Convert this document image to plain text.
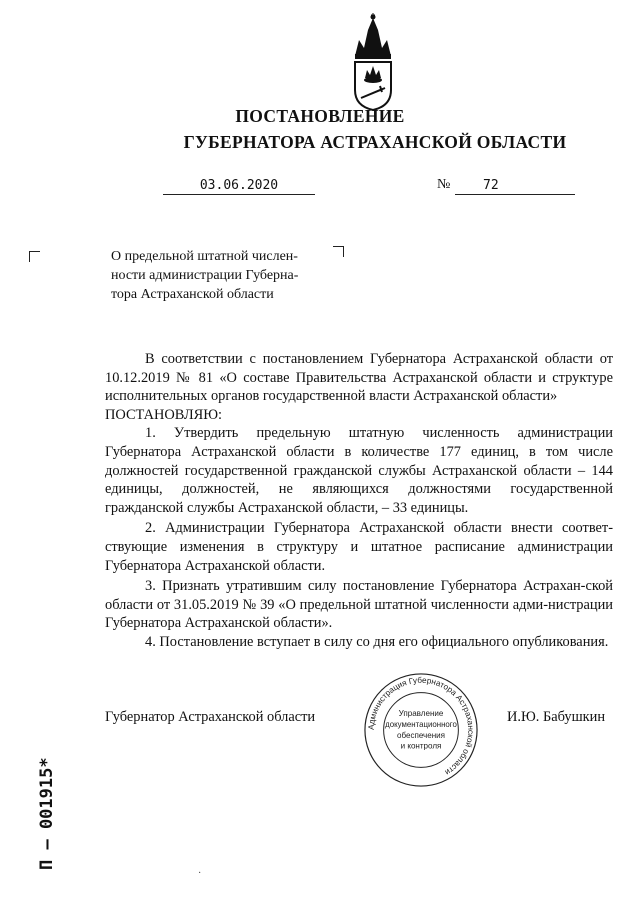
ПОСТАНОВЛЕНИЕ
ГУБЕРНАТОРА АСТРАХАНСКОЙ ОБЛАСТИ
03.06.2020	№	72

О предельной штатной числен-

ности администрации Губерна-

тора Астраханской области

В соответствии с постановлением Губернатора Астраханской области от 10.12.2019 № 81 «О составе Правительства Астраханской области и структуре исполнительных органов государственной власти Астраханской области»

ПОСТАНОВЛЯЮ:

1. Утвердить предельную штатную численность администрации Губернатора Астраханской области в количестве 177 единиц, в том числе должностей государственной гражданской службы Астраханской области – 144 единицы, должностей, не являющихся должностями государственной гражданской службы Астраханской области, – 33 единицы.

2. Администрации Губернатора Астраханской области внести соответ-ствующие изменения в структуру и штатное расписание администрации Губернатора Астраханской области.

3. Признать утратившим силу постановление Губернатора Астрахан-ской области от 31.05.2019 № 39 «О предельной штатной численности адми-нистрации Губернатора Астраханской области».

4. Постановление вступает в силу со дня его официального опубликования.

Губернатор Астраханской области	И.Ю. Бабушкин
Администрация Губернатора Астраханской области
Управление
документационного
обеспечения
и контроля
П – 001915*
·
